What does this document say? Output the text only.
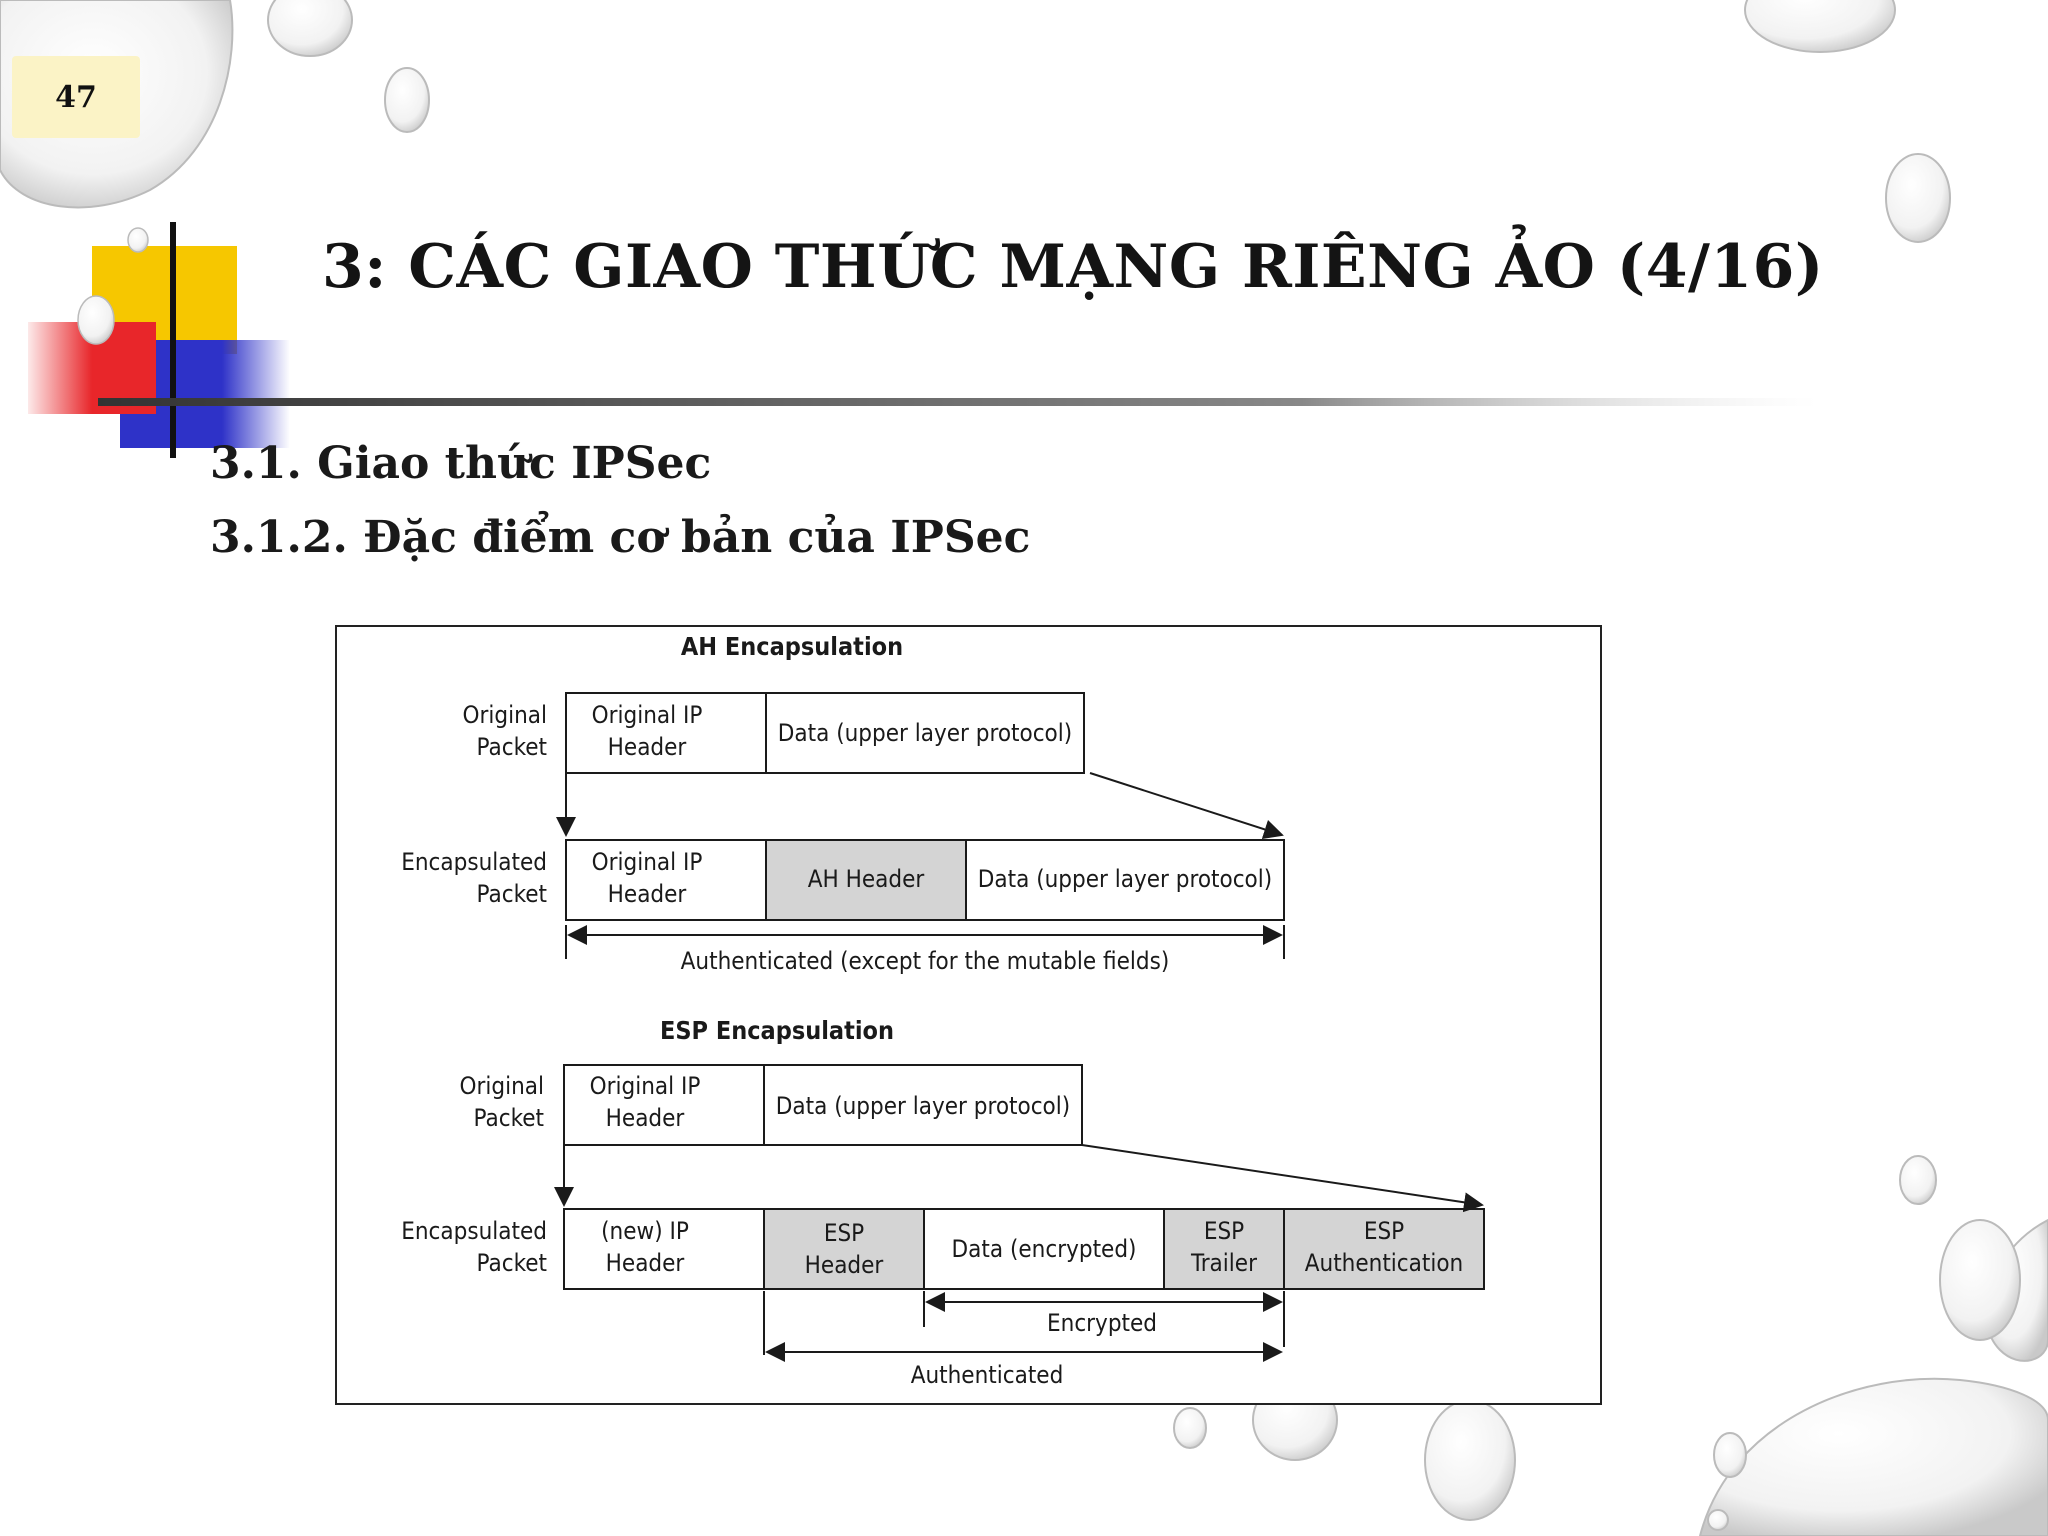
47
3: CÁC GIAO THỨC MẠNG RIÊNG ẢO (4/16)
3.1. Giao thức IPSec
3.1.2. Đặc điểm cơ bản của IPSec
AH Encapsulation
Original
Packet
Original IP
Header	Data (upper layer protocol)
Encapsulated
Packet
Original IP
Header
AH Header Data (upper layer protocol)
Authenticated (except for the mutable fields)
ESP Encapsulation
Original
Packet
Original IP
Header	Data (upper layer protocol)
Encapsulated
Packet
(new) IP
Header
ESP
Header
Data (encrypted)
ESP
Trailer
ESP
Authentication
Encrypted
Authenticated
